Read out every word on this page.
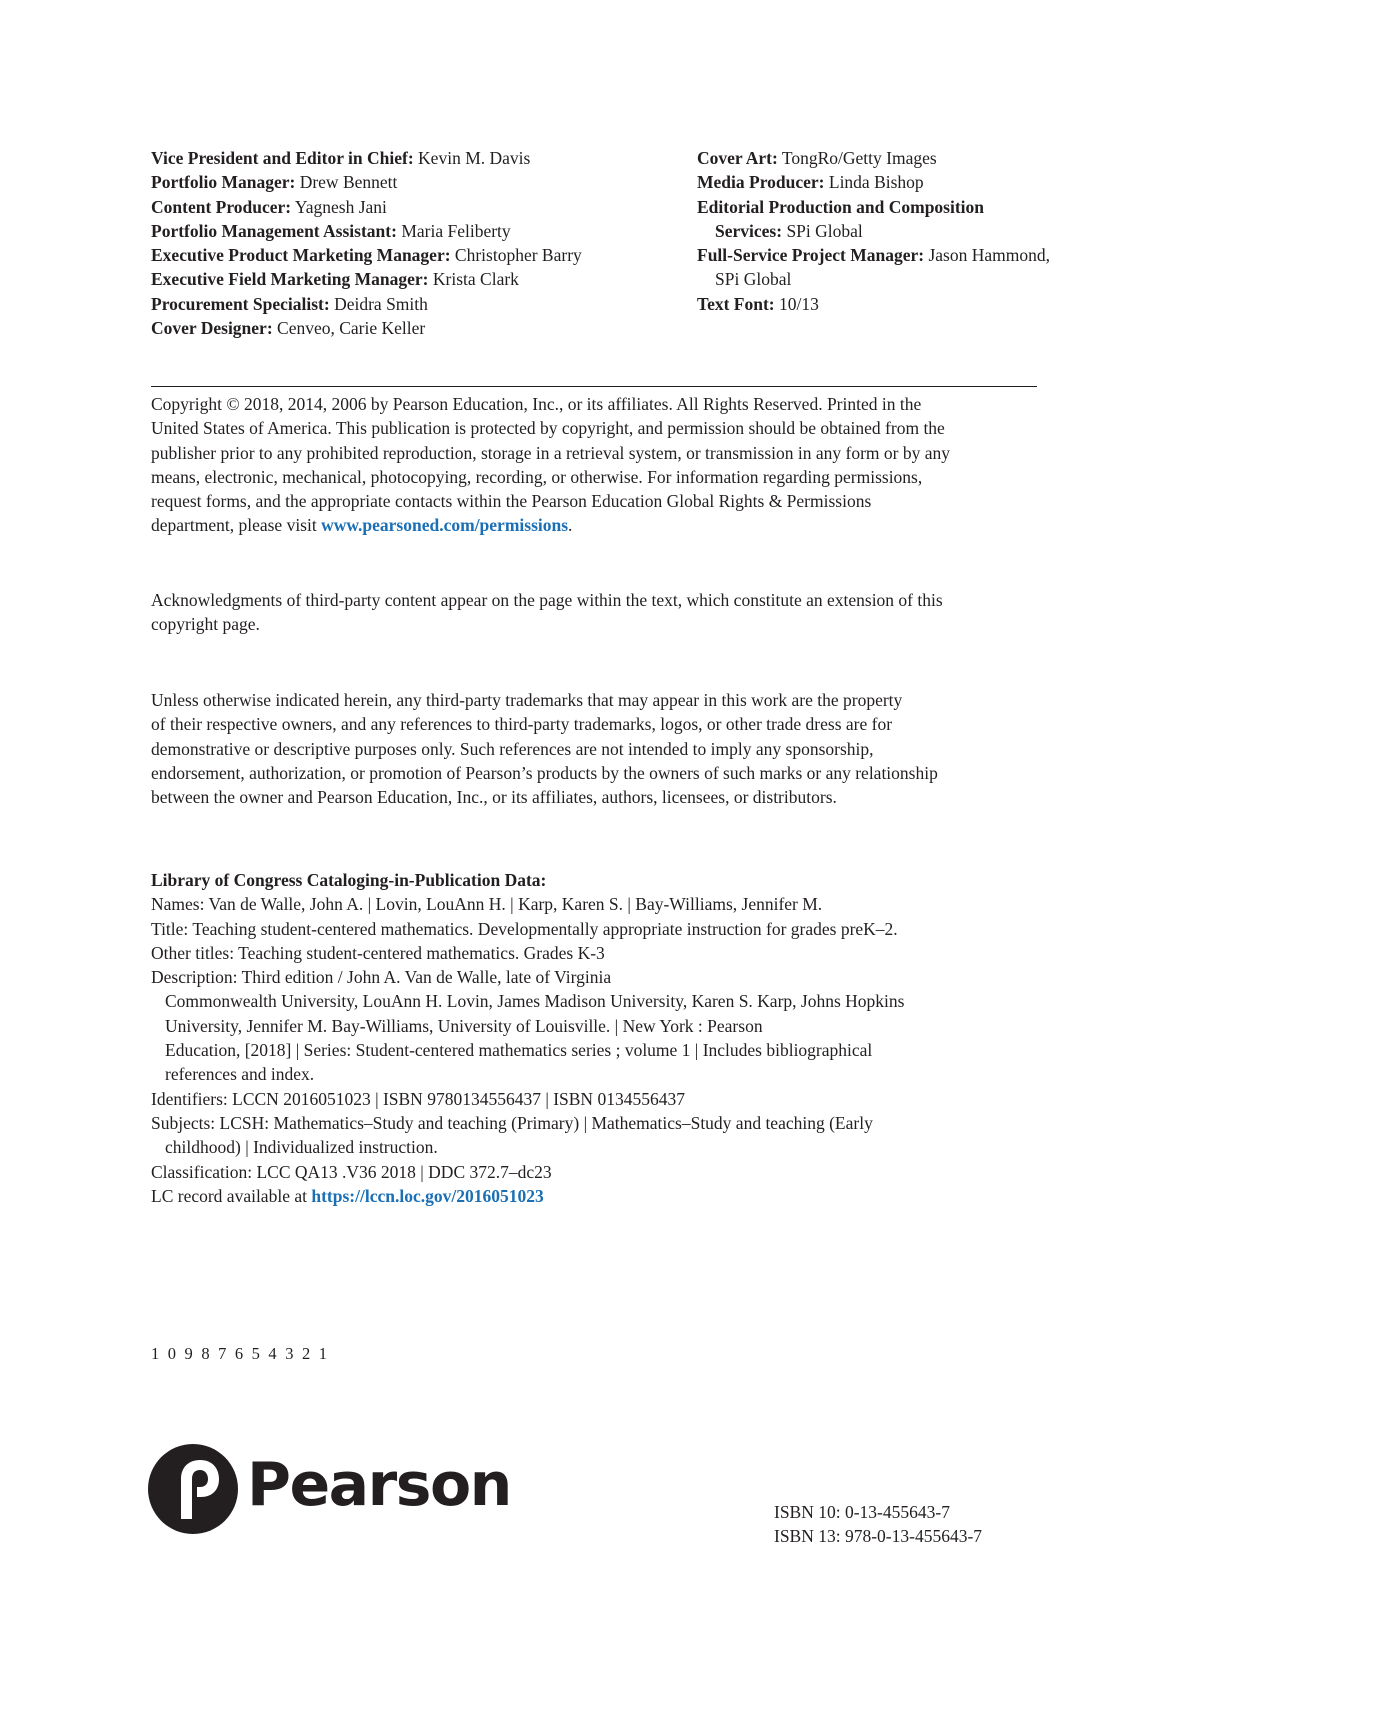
Vice President and Editor in Chief: Kevin M. Davis
Portfolio Manager: Drew Bennett
Content Producer: Yagnesh Jani
Portfolio Management Assistant: Maria Feliberty
Executive Product Marketing Manager: Christopher Barry
Executive Field Marketing Manager: Krista Clark
Procurement Specialist: Deidra Smith
Cover Designer: Cenveo, Carie Keller
Cover Art: TongRo/Getty Images
Media Producer: Linda Bishop
Editorial Production and Composition
Services: SPi Global
Full-Service Project Manager: Jason Hammond,
SPi Global
Text Font: 10/13
Copyright © 2018, 2014, 2006 by Pearson Education, Inc., or its affiliates. All Rights Reserved. Printed in the
United States of America. This publication is protected by copyright, and permission should be obtained from the
publisher prior to any prohibited reproduction, storage in a retrieval system, or transmission in any form or by any
means, electronic, mechanical, photocopying, recording, or otherwise. For information regarding permissions,
request forms, and the appropriate contacts within the Pearson Education Global Rights & Permissions
department, please visit www.pearsoned.com/permissions.
Acknowledgments of third-party content appear on the page within the text, which constitute an extension of this
copyright page.
Unless otherwise indicated herein, any third-party trademarks that may appear in this work are the property
of their respective owners, and any references to third-party trademarks, logos, or other trade dress are for
demonstrative or descriptive purposes only. Such references are not intended to imply any sponsorship,
endorsement, authorization, or promotion of Pearson’s products by the owners of such marks or any relationship
between the owner and Pearson Education, Inc., or its affiliates, authors, licensees, or distributors.
Library of Congress Cataloging-in-Publication Data:
Names: Van de Walle, John A. | Lovin, LouAnn H. | Karp, Karen S. | Bay-Williams, Jennifer M.
Title: Teaching student-centered mathematics. Developmentally appropriate instruction for grades preK–2.
Other titles: Teaching student-centered mathematics. Grades K-3
Description: Third edition / John A. Van de Walle, late of Virginia
Commonwealth University, LouAnn H. Lovin, James Madison University, Karen S. Karp, Johns Hopkins
University, Jennifer M. Bay-Williams, University of Louisville. | New York : Pearson
Education, [2018] | Series: Student-centered mathematics series ; volume 1 | Includes bibliographical
references and index.
Identifiers: LCCN 2016051023 | ISBN 9780134556437 | ISBN 0134556437
Subjects: LCSH: Mathematics–Study and teaching (Primary) | Mathematics–Study and teaching (Early
childhood) | Individualized instruction.
Classification: LCC QA13 .V36 2018 | DDC 372.7–dc23
LC record available at https://lccn.loc.gov/2016051023
1 0 9 8 7 6 5 4 3 2 1
Pearson	ISBN 10: 0-13-455643-7
ISBN 13: 978-0-13-455643-7
